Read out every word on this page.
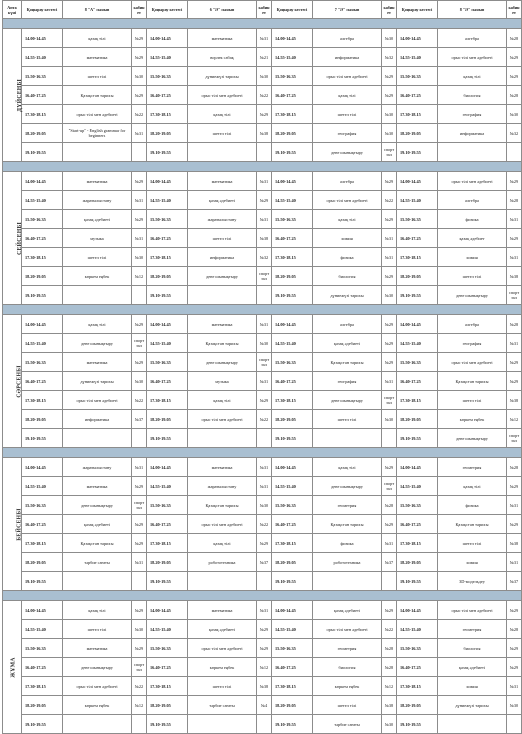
Апта күні	Қоңырау кестесі	8 "А" сынып	кабинет	Қоңырау кестесі	6 "Ә" сынып	кабинет	Қоңырау кестесі	7 "Ә" сынып	кабинет	Қоңырау кестесі	8 "Ә" сынып	кабинет

ДҮЙСЕНБІ	14.00-14.45	қазақ тілі	№29	14.00-14.45	математика	№31	14.00-14.45	алгебра	№30	14.00-14.45	алгебра	№28
	14.55-15.40	математика	№29	14.55-15.40	ворлек сабақ	№21	14.55-15.40	информатика	№32	14.55-15.40	орыс тілі мен әдебиеті	№29
	15.50-16.35	шетел тілі	№30	15.50-16.35	дүниежүзі тарихы	№30	15.50-16.35	орыс тілі мен әдебиеті	№29	15.50-16.35	қазақ тілі	№29
	16.40-17.25	Қазақстан тарихы	№29	16.40-17.25	орыс тілі мен әдебиеті	№22	16.40-17.25	қазақ тілі	№29	16.40-17.25	биология	№28
	17.30-18.15	орыс тілі мен әдебиеті	№22	17.30-18.15	қазақ тілі	№29	17.30-18.15	шетел тілі	№30	17.30-18.15	география	№30
	18.20-19.05	"Start-up" - English grammar for beginners	№31	18.20-19.05	шетел тілі	№38	18.20-19.05	география	№30	18.20-19.05	информатика	№32
	19.10-19.55			19.10-19.55			19.10-19.55	дене шынықтыру	спорт зал	19.10-19.55		

СЕЙСЕНБІ	14.00-14.45	математика	№29	14.00-14.45	математика	№31	14.00-14.45	алгебра	№29	14.00-14.45	орыс тілі мен әдебиеті	№29
	14.55-15.40	жаратылыстану	№31	14.55-15.40	қазақ әдебиеті	№29	14.55-15.40	орыс тілі мен әдебиеті	№22	14.55-15.40	алгебра	№28
	15.50-16.35	қазақ әдебиеті	№29	15.50-16.35	жаратылыстану	№31	15.50-16.35	қазақ тілі	№29	15.50-16.35	физика	№31
	16.40-17.25	музыка	№31	16.40-17.25	шетел тілі	№38	16.40-17.25	химия	№31	16.40-17.25	қазақ әдебиет	№29
	17.30-18.15	шетел тілі	№30	17.30-18.15	информатика	№32	17.30-18.15	физика	№31	17.30-18.15	химия	№31
	18.20-19.05	көркем еңбек	№12	18.20-19.05	дене шынықтыру	спорт зал	18.20-19.05	биология	№29	18.20-19.05	шетел тілі	№38
	19.10-19.55			19.10-19.55			19.10-19.55	дүниежүзі тарихы	№30	19.10-19.55	дене шынықтыру	спорт зал

СӘРСЕНБІ	14.00-14.45	қазақ тілі	№29	14.00-14.45	математика	№31	14.00-14.45	алгебра	№29	14.00-14.45	алгебра	№28
	14.55-15.40	дене шынықтыру	спорт зал	14.55-15.40	Қазақстан тарихы	№30	14.55-15.40	қазақ әдебиеті	№29	14.55-15.40	география	№31
	15.50-16.35	математика	№29	15.50-16.35	дене шынықтыру	спорт зал	15.50-16.35	Қазақстан тарихы	№29	15.50-16.35	орыс тілі мен әдебиеті	№29
	16.40-17.25	дүниежүзі тарихы	№30	16.40-17.25	музыка	№31	16.40-17.25	география	№31	16.40-17.25	Қазақстан тарихы	№29
	17.30-18.15	орыс тілі мен әдебиеті	№22	17.30-18.15	қазақ тілі	№29	17.30-18.15	дене шынықтыру	спорт зал	17.30-18.15	шетел тілі	№38
	18.20-19.05	информатика	№37	18.20-19.05	орыс тілі мен әдебиеті	№22	18.20-19.05	шетел тілі	№30	18.20-19.05	көркем еңбек	№12
	19.10-19.55			19.10-19.55			19.10-19.55			19.10-19.55	дене шынықтыру	спорт зал

БЕЙСЕНБІ	14.00-14.45	жаратылыстану	№31	14.00-14.45	математика	№31	14.00-14.45	қазақ тілі	№29	14.00-14.45	геометрия	№28
	14.55-15.40	математика	№29	14.55-15.40	жаратылыстану	№31	14.55-15.40	дене шынықтыру	спорт зал	14.55-15.40	қазақ тілі	№29
	15.50-16.35	дене шынықтыру	спорт зал	15.50-16.35	Қазақстан тарихы	№30	15.50-16.35	геометрия	№28	15.50-16.35	физика	№31
	16.40-17.25	қазақ әдебиеті	№29	16.40-17.25	орыс тілі мен әдебиеті	№22	16.40-17.25	Қазақстан тарихы	№29	16.40-17.25	Қазақстан тарихы	№29
	17.30-18.15	Қазақстан тарихы	№29	17.30-18.15	қазақ тілі	№29	17.30-18.15	физика	№31	17.30-18.15	шетел тілі	№38
	18.20-19.05	тәрбие сағаты	№31	18.20-19.05	робототехника	№37	18.20-19.05	робототехника	№37	18.20-19.05	химия	№31
	19.10-19.55			19.10-19.55			19.10-19.55			19.10-19.55	3D-модельдеу	№37

ЖҰМА	14.00-14.45	қазақ тілі	№29	14.00-14.45	математика	№31	14.00-14.45	қазақ әдебиеті	№29	14.00-14.45	орыс тілі мен әдебиеті	№29
	14.55-15.40	шетел тілі	№30	14.55-15.40	қазақ әдебиеті	№29	14.55-15.40	орыс тілі мен әдебиеті	№22	14.55-15.40	геометрия	№28
	15.50-16.35	математика	№29	15.50-16.35	орыс тілі мен әдебиеті	№29	15.50-16.35	геометрия	№28	15.50-16.35	биология	№29
	16.40-17.25	дене шынықтыру	спорт зал	16.40-17.25	көркем еңбек	№12	16.40-17.25	биология	№28	16.40-17.25	қазақ әдебиеті	№29
	17.30-18.15	орыс тілі мен әдебиеті	№22	17.30-18.15	шетел тілі	№38	17.30-18.15	көркем еңбек	№12	17.30-18.15	химия	№31
	18.20-19.05	көркем еңбек	№12	18.20-19.05	тәрбие сағаты	№4	18.20-19.05	шетел тілі	№38	18.20-19.05	дүниежүзі тарихы	№30
	19.10-19.55			19.10-19.55			19.10-19.55	тәрбие сағаты	№30	19.10-19.55		
